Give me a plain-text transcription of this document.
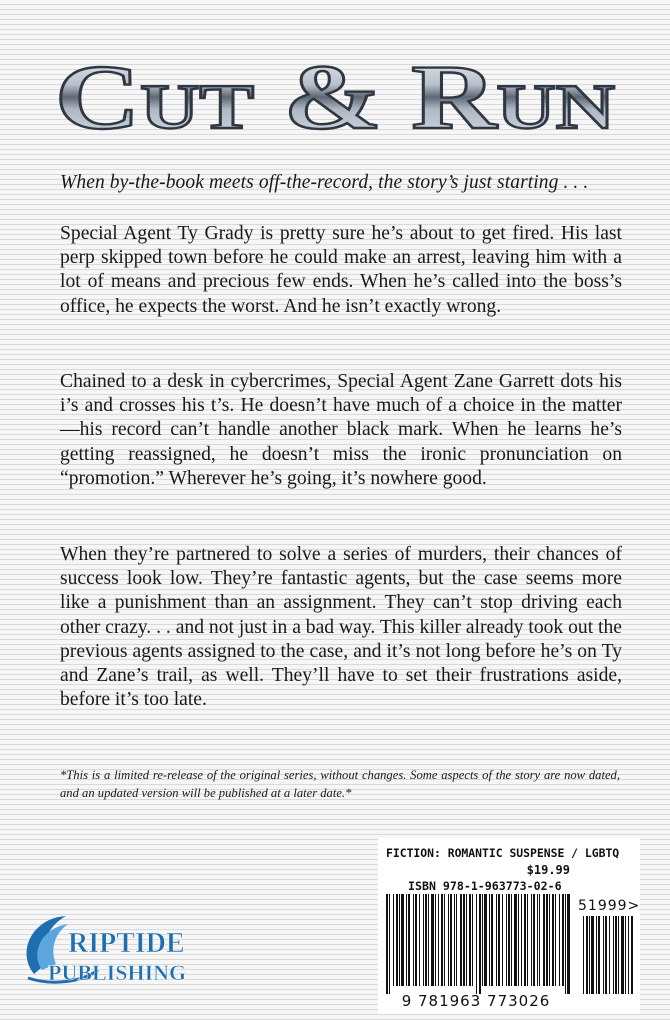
Cut & Run
When by-the-book meets off-the-record, the story’s just starting . . .

Special Agent Ty Grady is pretty sure he’s about to get fired. His last perp skipped town before he could make an arrest, leaving him with a lot of means and precious few ends. When he’s called into the boss’s office, he expects the worst. And he isn’t exactly wrong.

Chained to a desk in cybercrimes, Special Agent Zane Garrett dots his i’s and crosses his t’s. He doesn’t have much of a choice in the matter—his record can’t handle another black mark. When he learns he’s getting reassigned, he doesn’t miss the ironic pronunciation on “promotion.” Wherever he’s going, it’s nowhere good.

When they’re partnered to solve a series of murders, their chances of success look low. They’re fantastic agents, but the case seems more like a punishment than an assignment. They can’t stop driving each other crazy. . . and not just in a bad way. This killer already took out the previous agents assigned to the case, and it’s not long before he’s on Ty and Zane’s trail, as well. They’ll have to set their frustrations aside, before it’s too late.

*This is a limited re-release of the original series, without changes. Some aspects of the story are now dated, and an updated version will be published at a later date.*

RIPTIDE
PUBLISHING
FICTION: ROMANTIC SUSPENSE / LGBTQ
$19.99
ISBN 978-1-963773-02-6
51999>
9 781963 773026
